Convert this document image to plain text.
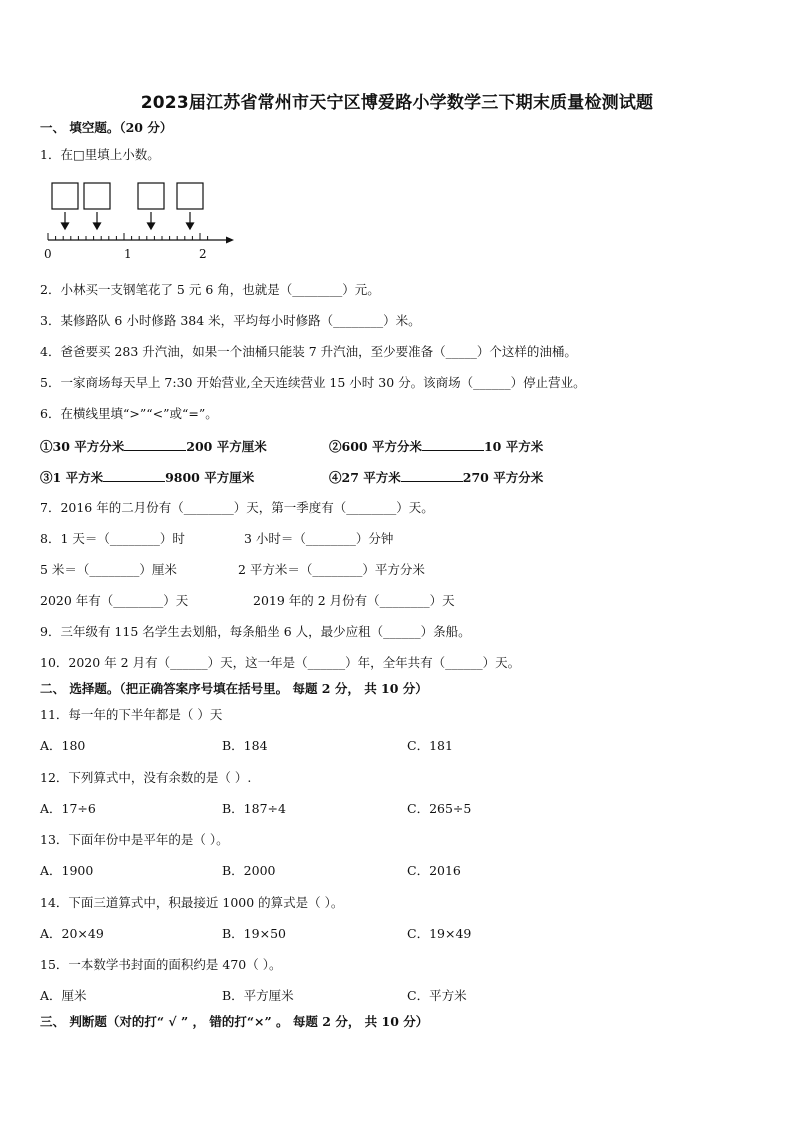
2023届江苏省常州市天宁区博爱路小学数学三下期末质量检测试题
一、 填空题。（20 分）
1．在□里填上小数。
0	1	2
2．小林买一支钢笔花了 5 元 6 角，也就是（________）元。
3．某修路队 6 小时修路 384 米，平均每小时修路（________）米。
4．爸爸要买 283 升汽油，如果一个油桶只能装 7 升汽油，至少要准备（_____）个这样的油桶。
5．一家商场每天早上 7:30 开始营业,全天连续营业 15 小时 30 分。该商场（______）停止营业。
6．在横线里填“>”“<”或“=”。
①30 平方分米	200 平方厘米	②600 平方分米	10 平方米
③1 平方米	9800 平方厘米	④27 平方米	270 平方分米
7．2016 年的二月份有（________）天，第一季度有（________）天。
8．1 天＝（________）时	3 小时＝（________）分钟
5 米＝（________）厘米	2 平方米＝（________）平方分米
2020 年有（________）天	2019 年的 2 月份有（________）天
9．三年级有 115 名学生去划船，每条船坐 6 人，最少应租（______）条船。
10．2020 年 2 月有（______）天，这一年是（______）年，全年共有（______）天。
二、 选择题。（把正确答案序号填在括号里。 每题 2 分， 共 10 分）
11．每一年的下半年都是（ ）天
A．180	B．184	C．181
12．下列算式中，没有余数的是（ ）.
A．17÷6	B．187÷4	C．265÷5
13．下面年份中是平年的是（ ）。
A．1900	B．2000	C．2016
14．下面三道算式中，积最接近 1000 的算式是（ ）。
A．20×49	B．19×50	C．19×49
15．一本数学书封面的面积约是 470（ ）。
A．厘米	B．平方厘米	C．平方米
三、 判断题（对的打“ √ ” ， 错的打“×” 。 每题 2 分， 共 10 分）
